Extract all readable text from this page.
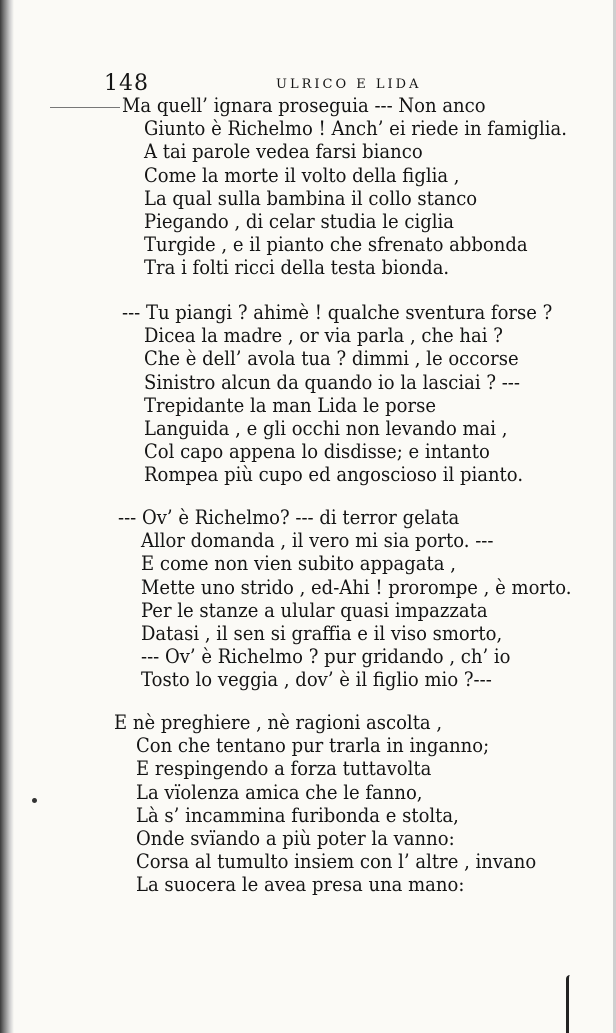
148	ULRICO E LIDA
Ma quell’ ignara proseguia --- Non anco
Giunto è Richelmo ! Anch’ ei riede in famiglia.
A tai parole vedea farsi bianco
Come la morte il volto della figlia ,
La qual sulla bambina il collo stanco
Piegando , di celar studia le ciglia
Turgide , e il pianto che sfrenato abbonda
Tra i folti ricci della testa bionda.
--- Tu piangi ? ahimè ! qualche sventura forse ?
Dicea la madre , or via parla , che hai ?
Che è dell’ avola tua ? dimmi , le occorse
Sinistro alcun da quando io la lasciai ? ---
Trepidante la man Lida le porse
Languida , e gli occhi non levando mai ,
Col capo appena lo disdisse; e intanto
Rompea più cupo ed angoscioso il pianto.
--- Ov’ è Richelmo? --- di terror gelata
Allor domanda , il vero mi sia porto. ---
E come non vien subito appagata ,
Mette uno strido , ed-Ahi ! prorompe , è morto.
Per le stanze a ulular quasi impazzata
Datasi , il sen si graffia e il viso smorto,
--- Ov’ è Richelmo ? pur gridando , ch’ io
Tosto lo veggia , dov’ è il figlio mio ?---
E nè preghiere , nè ragioni ascolta ,
Con che tentano pur trarla in inganno;
E respingendo a forza tuttavolta
La vïolenza amica che le fanno,
Là s’ incammina furibonda e stolta,
Onde svïando a più poter la vanno:
Corsa al tumulto insiem con l’ altre , invano
La suocera le avea presa una mano:
